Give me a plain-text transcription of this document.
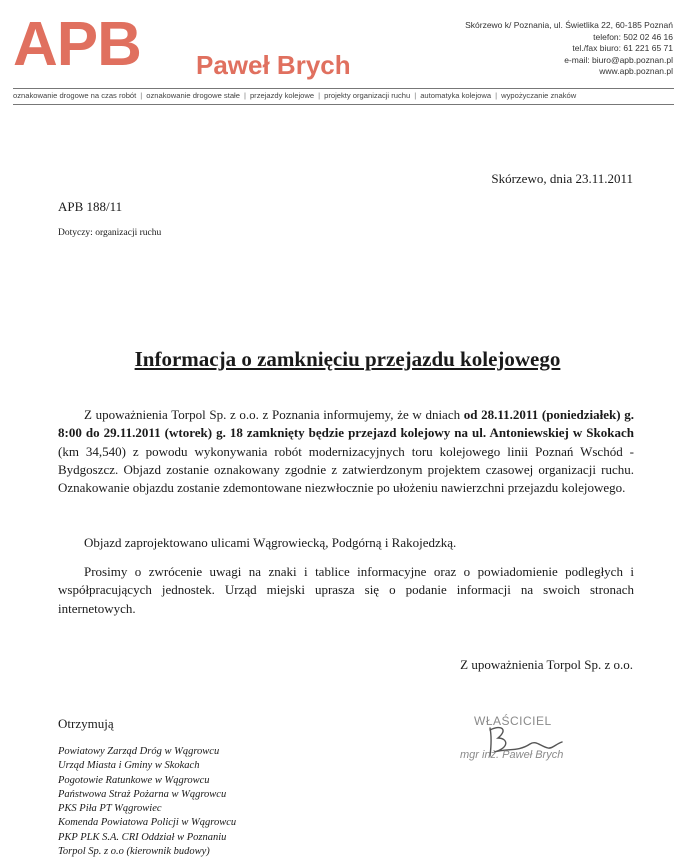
APB Paweł Brych
Skórzewo k/ Poznania, ul. Świetlika 22, 60-185 Poznań
telefon: 502 02 46 16
tel./fax biuro: 61 221 65 71
e-mail: biuro@apb.poznan.pl
www.apb.poznan.pl
oznakowanie drogowe na czas robót | oznakowanie drogowe stałe | przejazdy kolejowe | projekty organizacji ruchu | automatyka kolejowa | wypożyczanie znaków
Skórzewo, dnia 23.11.2011
APB 188/11
Dotyczy: organizacji ruchu
Informacja o zamknięciu przejazdu kolejowego
Z upoważnienia Torpol Sp. z o.o. z Poznania informujemy, że w dniach od 28.11.2011 (poniedziałek) g. 8:00 do 29.11.2011 (wtorek) g. 18 zamknięty będzie przejazd kolejowy na ul. Antoniewskiej w Skokach (km 34,540) z powodu wykonywania robót modernizacyjnych toru kolejowego linii Poznań Wschód - Bydgoszcz. Objazd zostanie oznakowany zgodnie z zatwierdzonym projektem czasowej organizacji ruchu. Oznakowanie objazdu zostanie zdemontowane niezwłocznie po ułożeniu nawierzchni przejazdu kolejowego.
Objazd zaprojektowano ulicami Wągrowiecką, Podgórną i Rakojedzką.
Prosimy o zwrócenie uwagi na znaki i tablice informacyjne oraz o powiadomienie podległych i współpracujących jednostek. Urząd miejski uprasza się o podanie informacji na swoich stronach internetowych.
Z upoważnienia Torpol Sp. z o.o.
Otrzymują
Powiatowy Zarząd Dróg w Wągrowcu
Urząd Miasta i Gminy w Skokach
Pogotowie Ratunkowe w Wągrowcu
Państwowa Straż Pożarna w Wągrowcu
PKS Piła PT Wągrowiec
Komenda Powiatowa Policji w Wągrowcu
PKP PLK S.A. CRI Oddział w Poznaniu
Torpol Sp. z o.o (kierownik budowy)
WŁAŚCICIEL
mgr inż. Paweł Brych
